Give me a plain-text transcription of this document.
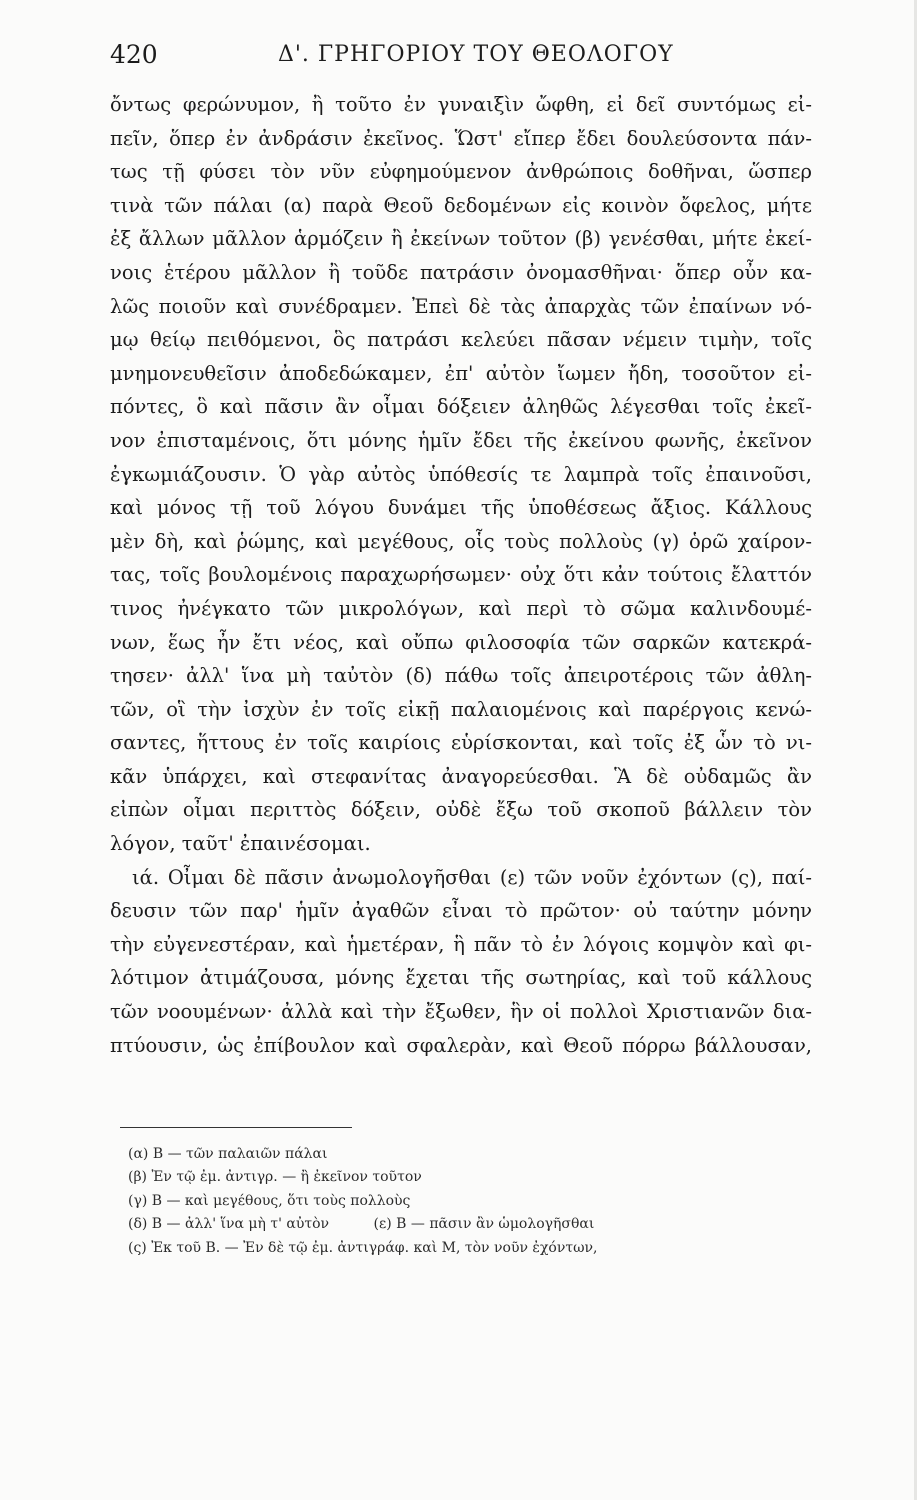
420	Δ'. ΓΡΗΓΟΡΙΟΥ ΤΟΥ ΘΕΟΛΟΓΟΥ
ὄντως φερώνυμον, ἢ τοῦτο ἐν γυναιξὶν ὤφθη, εἰ δεῖ συντόμως εἰ-
πεῖν, ὅπερ ἐν ἀνδράσιν ἐκεῖνος. Ὥστ' εἴπερ ἔδει δουλεύσοντα πάν-
τως τῇ φύσει τὸν νῦν εὐφημούμενον ἀνθρώποις δοθῆναι, ὥσπερ
τινὰ τῶν πάλαι (α) παρὰ Θεοῦ δεδομένων εἰς κοινὸν ὄφελος, μήτε
ἐξ ἄλλων μᾶλλον ἁρμόζειν ἢ ἐκείνων τοῦτον (β) γενέσθαι, μήτε ἐκεί-
νοις ἑτέρου μᾶλλον ἢ τοῦδε πατράσιν ὀνομασθῆναι· ὅπερ οὖν κα-
λῶς ποιοῦν καὶ συνέδραμεν. Ἐπεὶ δὲ τὰς ἀπαρχὰς τῶν ἐπαίνων νό-
μῳ θείῳ πειθόμενοι, ὃς πατράσι κελεύει πᾶσαν νέμειν τιμὴν, τοῖς
μνημονευθεῖσιν ἀποδεδώκαμεν, ἐπ' αὐτὸν ἴωμεν ἤδη, τοσοῦτον εἰ-
πόντες, ὃ καὶ πᾶσιν ἂν οἶμαι δόξειεν ἀληθῶς λέγεσθαι τοῖς ἐκεῖ-
νον ἐπισταμένοις, ὅτι μόνης ἡμῖν ἔδει τῆς ἐκείνου φωνῆς, ἐκεῖνον
ἐγκωμιάζουσιν. Ὁ γὰρ αὐτὸς ὑπόθεσίς τε λαμπρὰ τοῖς ἐπαινοῦσι,
καὶ μόνος τῇ τοῦ λόγου δυνάμει τῆς ὑποθέσεως ἄξιος. Κάλλους
μὲν δὴ, καὶ ῥώμης, καὶ μεγέθους, οἷς τοὺς πολλοὺς (γ) ὁρῶ χαίρον-
τας, τοῖς βουλομένοις παραχωρήσωμεν· οὐχ ὅτι κἀν τούτοις ἔλαττόν
τινος ἠνέγκατο τῶν μικρολόγων, καὶ περὶ τὸ σῶμα καλινδουμέ-
νων, ἕως ἦν ἔτι νέος, καὶ οὔπω φιλοσοφία τῶν σαρκῶν κατεκρά-
τησεν· ἀλλ' ἵνα μὴ ταὐτὸν (δ) πάθω τοῖς ἀπειροτέροις τῶν ἀθλη-
τῶν, οἳ τὴν ἰσχὺν ἐν τοῖς εἰκῇ παλαιομένοις καὶ παρέργοις κενώ-
σαντες, ἥττους ἐν τοῖς καιρίοις εὑρίσκονται, καὶ τοῖς ἐξ ὧν τὸ νι-
κᾶν ὑπάρχει, καὶ στεφανίτας ἀναγορεύεσθαι. Ἃ δὲ οὐδαμῶς ἂν
εἰπὼν οἶμαι περιττὸς δόξειν, οὐδὲ ἔξω τοῦ σκοποῦ βάλλειν τὸν
λόγον, ταῦτ' ἐπαινέσομαι.
ιά. Οἶμαι δὲ πᾶσιν ἀνωμολογῆσθαι (ε) τῶν νοῦν ἐχόντων (ς), παί-
δευσιν τῶν παρ' ἡμῖν ἀγαθῶν εἶναι τὸ πρῶτον· οὐ ταύτην μόνην
τὴν εὐγενεστέραν, καὶ ἡμετέραν, ἣ πᾶν τὸ ἐν λόγοις κομψὸν καὶ φι-
λότιμον ἀτιμάζουσα, μόνης ἔχεται τῆς σωτηρίας, καὶ τοῦ κάλλους
τῶν νοουμένων· ἀλλὰ καὶ τὴν ἔξωθεν, ἣν οἱ πολλοὶ Χριστιανῶν δια-
πτύουσιν, ὡς ἐπίβουλον καὶ σφαλερὰν, καὶ Θεοῦ πόρρω βάλλουσαν,
(α) B — τῶν παλαιῶν πάλαι
(β) Ἐν τῷ ἐμ. ἀντιγρ. — ἢ ἐκεῖνον τοῦτον
(γ) B — καὶ μεγέθους, ὅτι τοὺς πολλοὺς
(δ) B — ἀλλ' ἵνα μὴ τ' αὐτὸν          (ε) B — πᾶσιν ἂν ὡμολογῆσθαι
(ς) Ἐκ τοῦ B. — Ἐν δὲ τῷ ἐμ. ἀντιγράφ. καὶ M, τὸν νοῦν ἐχόντων,
